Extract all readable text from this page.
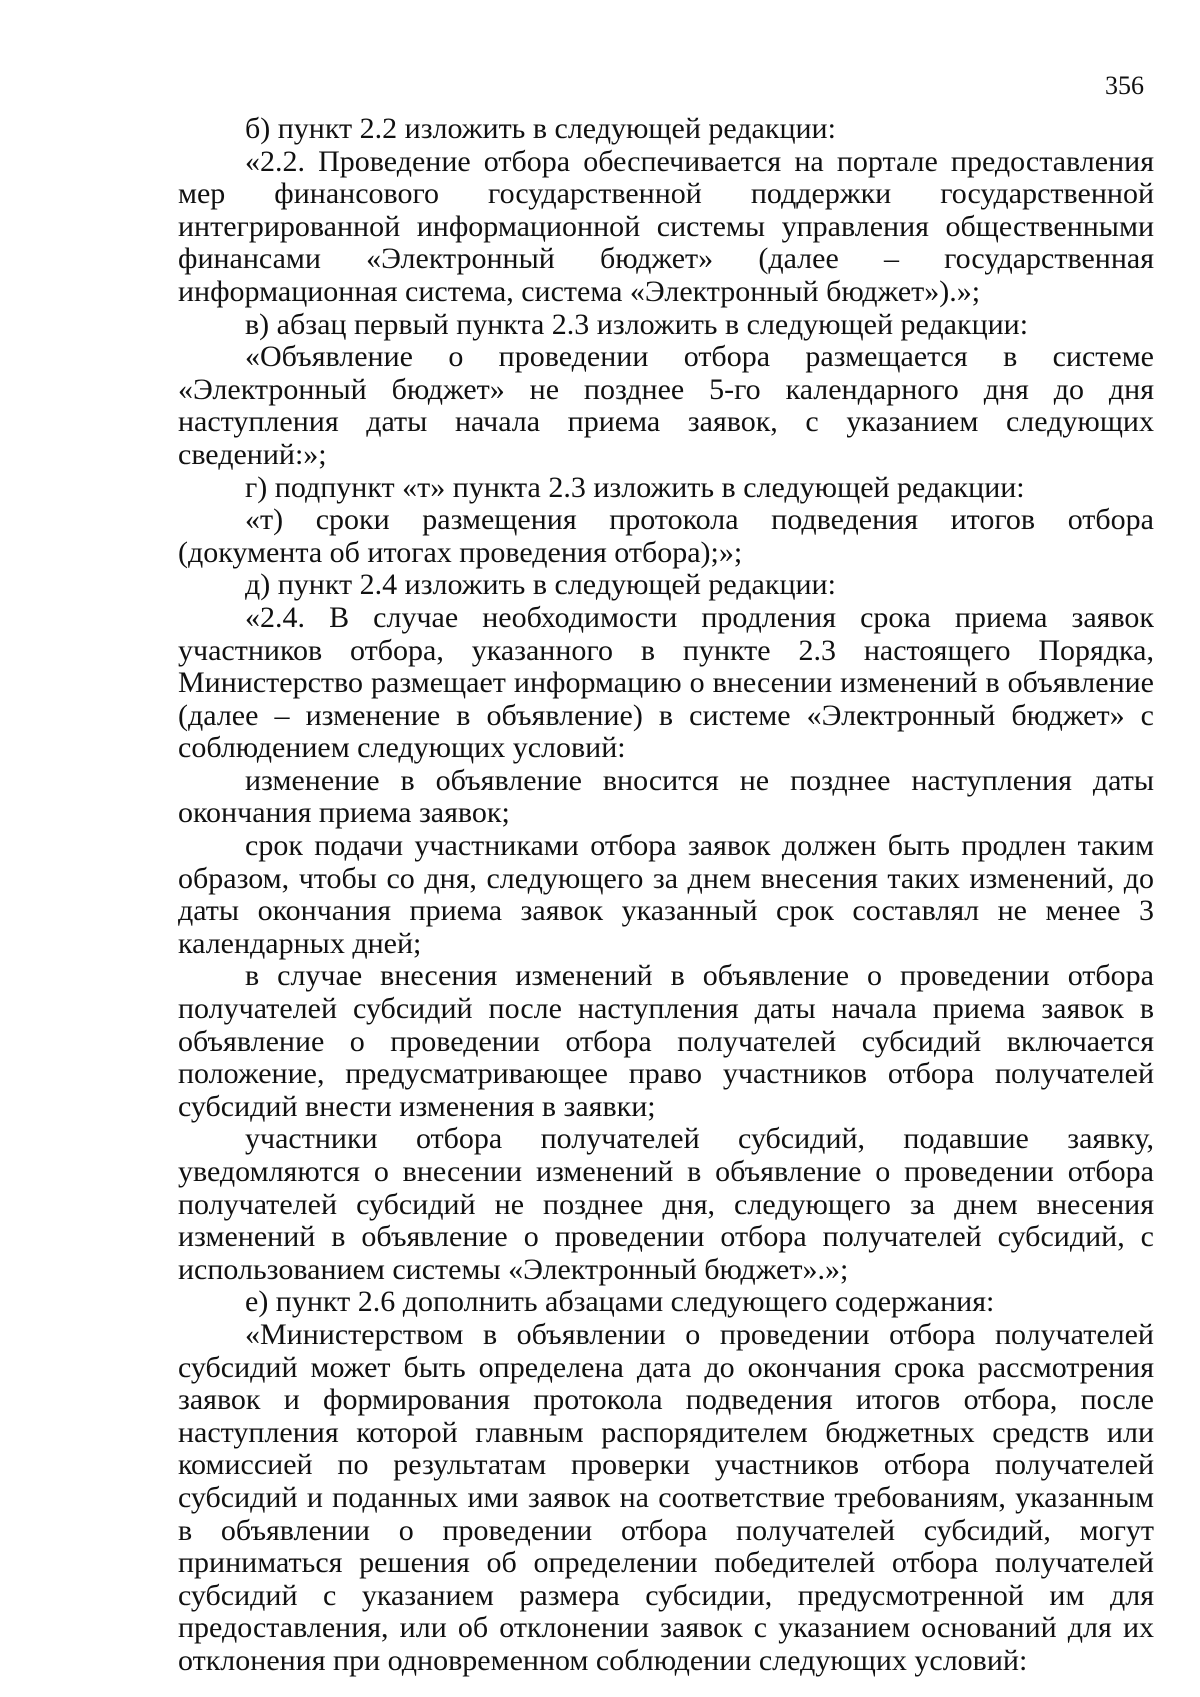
356

б) пункт 2.2 изложить в следующей редакции:

«2.2. Проведение отбора обеспечивается на портале предоставления мер финансового государственной поддержки государственной интегрированной информационной системы управления общественными финансами «Электронный бюджет» (далее – государственная информационная система, система «Электронный бюджет»).»;

в) абзац первый пункта 2.3 изложить в следующей редакции:

«Объявление о проведении отбора размещается в системе «Электронный бюджет» не позднее 5-го календарного дня до дня наступления даты начала приема заявок, с указанием следующих сведений:»;

г) подпункт «т» пункта 2.3 изложить в следующей редакции:

«т) сроки размещения протокола подведения итогов отбора (документа об итогах проведения отбора);»;

д) пункт 2.4 изложить в следующей редакции:

«2.4. В случае необходимости продления срока приема заявок участников отбора, указанного в пункте 2.3 настоящего Порядка, Министерство размещает информацию о внесении изменений в объявление (далее – изменение в объявление) в системе «Электронный бюджет» с соблюдением следующих условий:

изменение в объявление вносится не позднее наступления даты окончания приема заявок;

срок подачи участниками отбора заявок должен быть продлен таким образом, чтобы со дня, следующего за днем внесения таких изменений, до даты окончания приема заявок указанный срок составлял не менее 3 календарных дней;

в случае внесения изменений в объявление о проведении отбора получателей субсидий после наступления даты начала приема заявок в объявление о проведении отбора получателей субсидий включается положение, предусматривающее право участников отбора получателей субсидий внести изменения в заявки;

участники отбора получателей субсидий, подавшие заявку, уведомляются о внесении изменений в объявление о проведении отбора получателей субсидий не позднее дня, следующего за днем внесения изменений в объявление о проведении отбора получателей субсидий, с использованием системы «Электронный бюджет».»;

е) пункт 2.6 дополнить абзацами следующего содержания:

«Министерством в объявлении о проведении отбора получателей субсидий может быть определена дата до окончания срока рассмотрения заявок и формирования протокола подведения итогов отбора, после наступления которой главным распорядителем бюджетных средств или комиссией по результатам проверки участников отбора получателей субсидий и поданных ими заявок на соответствие требованиям, указанным в объявлении о проведении отбора получателей субсидий, могут приниматься решения об определении победителей отбора получателей субсидий с указанием размера субсидии, предусмотренной им для предоставления, или об отклонении заявок с указанием оснований для их отклонения при одновременном соблюдении следующих условий:
